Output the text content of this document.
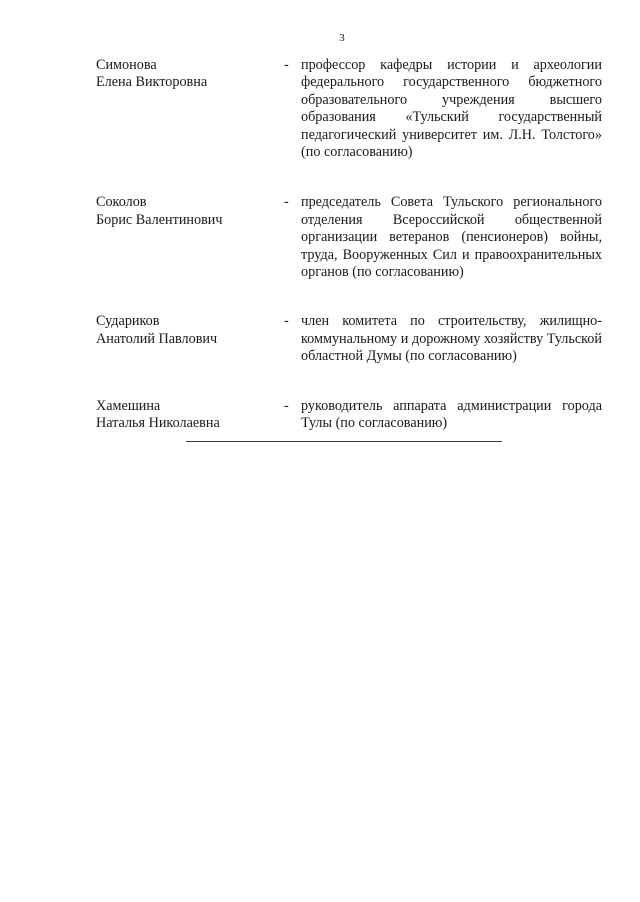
3
Симонова
Елена Викторовна
- профессор кафедры истории и археологии федерального государственного бюджетного образовательного учреждения высшего образования «Тульский государственный педагогический университет им. Л.Н. Толстого» (по согласованию)
Соколов
Борис Валентинович
- председатель Совета Тульского регионального отделения Всероссийской общественной организации ветеранов (пенсионеров) войны, труда, Вооруженных Сил и правоохранительных органов (по согласованию)
Судариков
Анатолий Павлович
- член комитета по строительству, жилищно-коммунальному и дорожному хозяйству Тульской областной Думы (по согласованию)
Хамешина
Наталья Николаевна
- руководитель аппарата администрации города Тулы (по согласованию)
